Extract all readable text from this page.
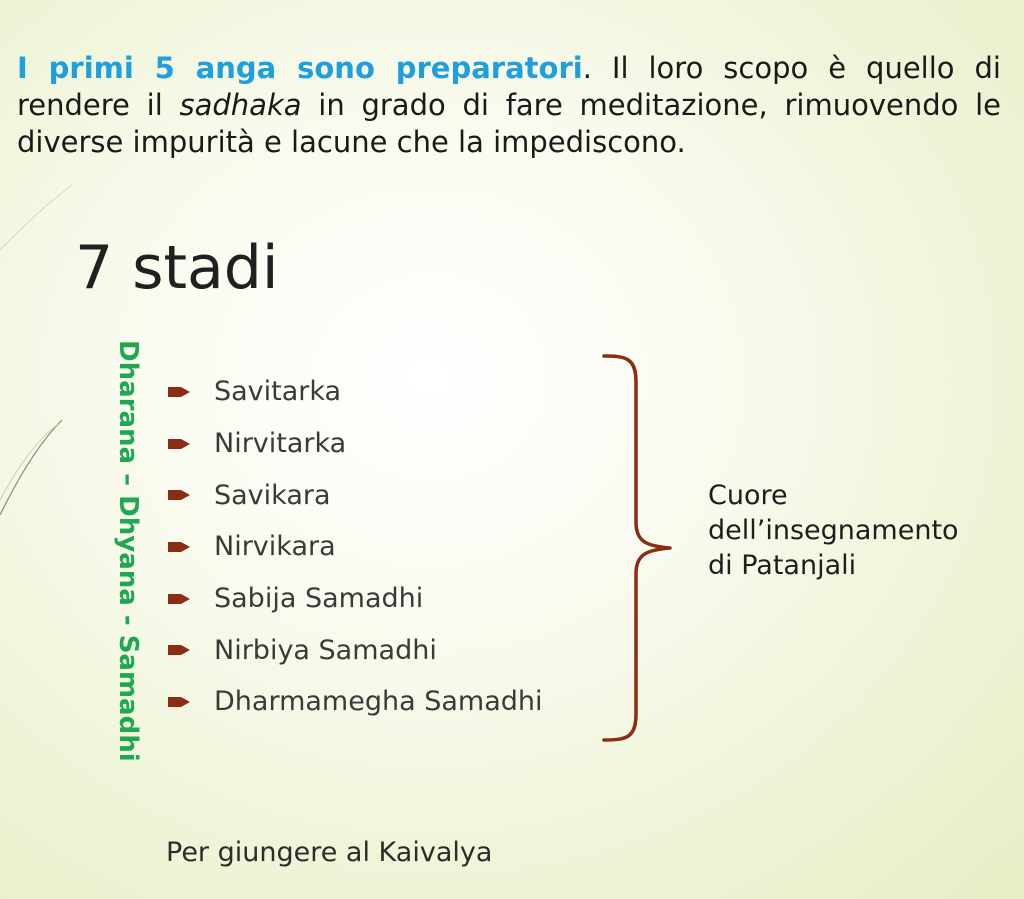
I primi 5 anga sono preparatori. Il loro scopo è quello di rendere il sadhaka in grado di fare meditazione, rimuovendo le diverse impurità e lacune che la impediscono.

7 stadi
Dharana – Dhyana - Samadhi	Savitarka
Nirvitarka
Savikara
Nirvikara
Sabija Samadhi
Nirbiya Samadhi
Dharmamegha Samadhi
Cuore
dell’insegnamento
di Patanjali
Per giungere al Kaivalya
